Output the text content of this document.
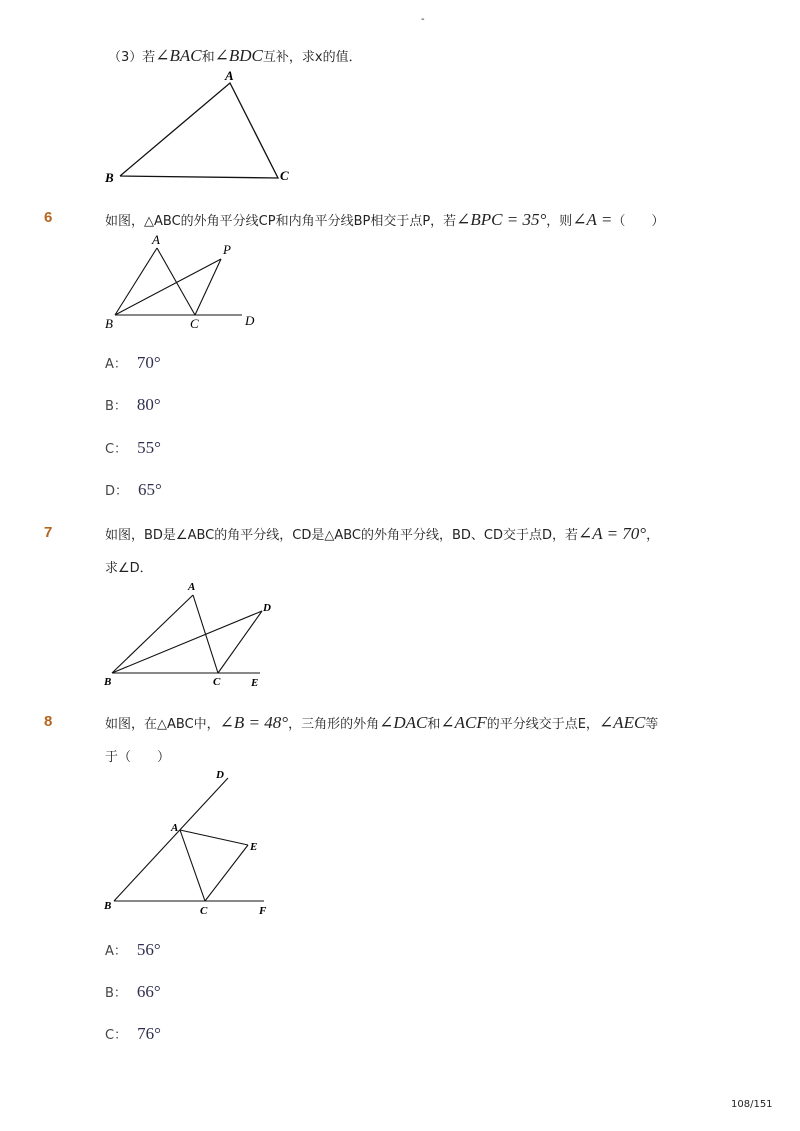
-
（3）若∠BAC和∠BDC互补，求x的值．
A
B	C
6	如图，△ABC的外角平分线CP和内角平分线BP相交于点P，若∠BPC = 35°，则∠A =（　　）
A
P
B	C	D
A： 70°
B： 80°
C： 55°
D： 65°
7	如图，BD是∠ABC的角平分线，CD是△ABC的外角平分线，BD、CD交于点D，若∠A = 70°，
求∠D．
A
D
B	C	E
8	如图，在△ABC中，∠B = 48°，三角形的外角∠DAC和∠ACF的平分线交于点E，∠AEC等
于（　　）
D
A
E
B	C	F
A： 56°
B： 66°
C： 76°
108/151
